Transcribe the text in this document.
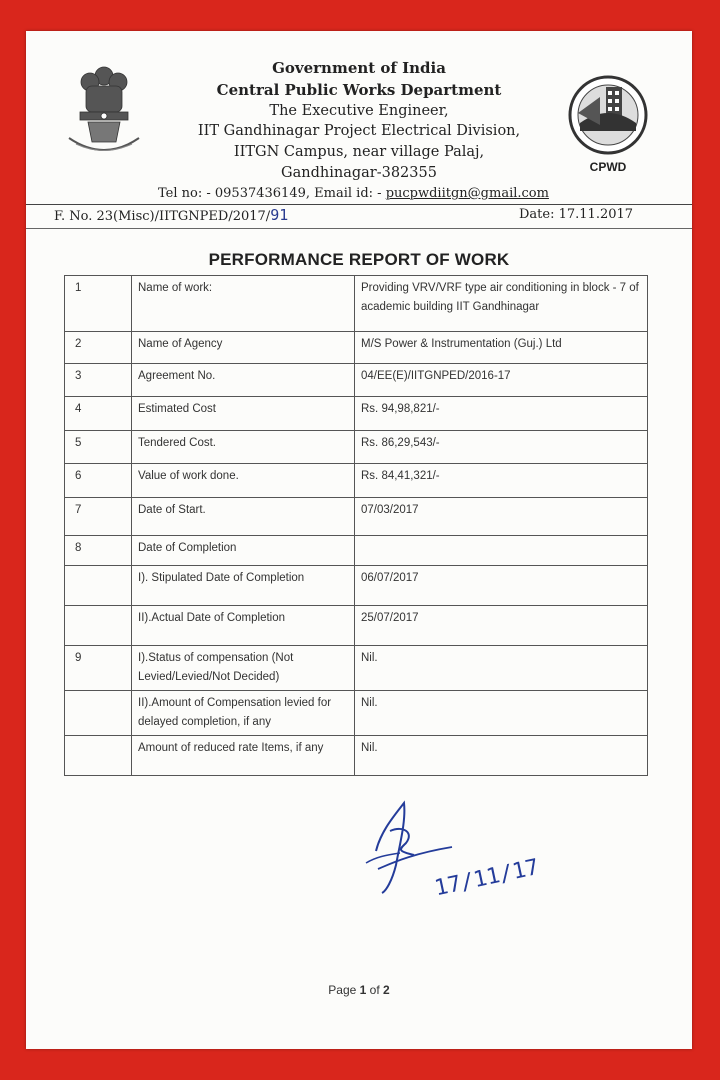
Government of India
Central Public Works Department
The Executive Engineer,
IIT Gandhinagar Project Electrical Division,
IITGN Campus, near village Palaj,
Gandhinagar-382355	CPWD
Tel no: - 09537436149, Email id: - pucpwdiitgn@gmail.com
F. No. 23(Misc)/IITGNPED/2017/91	Date: 17.11.2017
PERFORMANCE REPORT OF WORK
1	Name of work:	Providing VRV/VRF type air conditioning in block - 7 of academic building IIT Gandhinagar
2	Name of Agency	M/S Power & Instrumentation (Guj.) Ltd
3	Agreement No.	04/EE(E)/IITGNPED/2016-17
4	Estimated Cost	Rs. 94,98,821/-
5	Tendered Cost.	Rs. 86,29,543/-
6	Value of work done.	Rs. 84,41,321/-
7	Date of Start.	07/03/2017
8	Date of Completion	
	I). Stipulated Date of Completion	06/07/2017
	II).Actual Date of Completion	25/07/2017
9	I).Status of compensation (Not Levied/Levied/Not Decided)	Nil.
	II).Amount of Compensation levied for delayed completion, if any	Nil.
	Amount of reduced rate Items, if any	Nil.
17/11/17
Page 1 of 2
